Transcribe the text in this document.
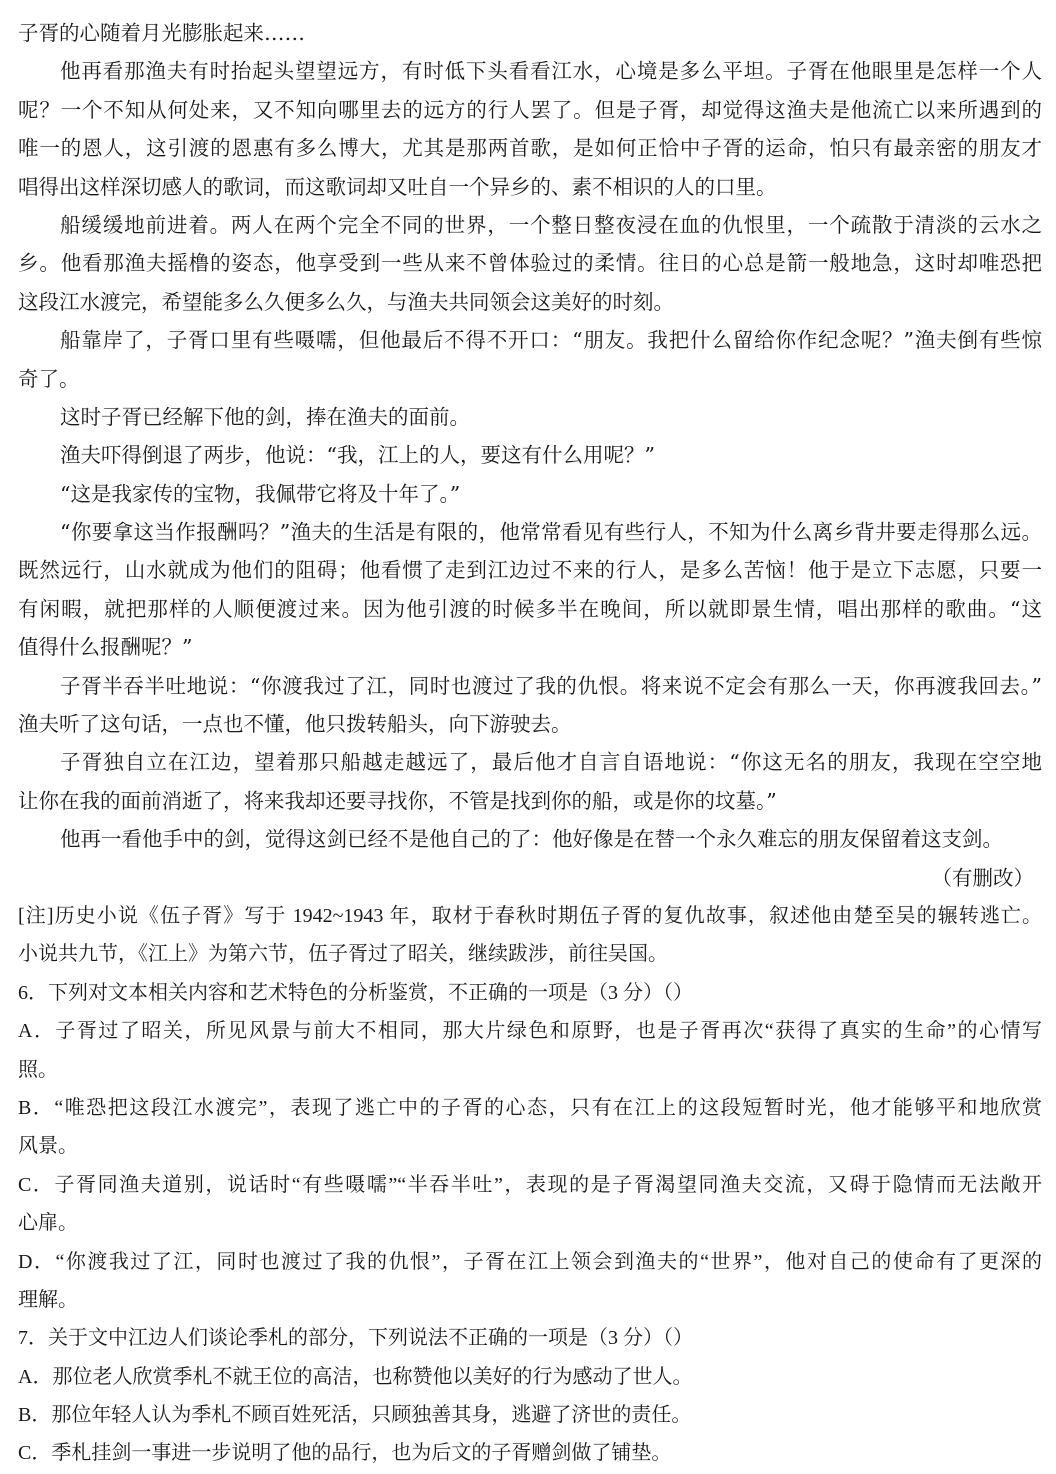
子胥的心随着月光膨胀起来……
他再看那渔夫有时抬起头望望远方，有时低下头看看江水，心境是多么平坦。子胥在他眼里是怎样一个人
呢？一个不知从何处来，又不知向哪里去的远方的行人罢了。但是子胥，却觉得这渔夫是他流亡以来所遇到的
唯一的恩人，这引渡的恩惠有多么博大，尤其是那两首歌，是如何正恰中子胥的运命，怕只有最亲密的朋友才
唱得出这样深切感人的歌词，而这歌词却又吐自一个异乡的、素不相识的人的口里。
船缓缓地前进着。两人在两个完全不同的世界，一个整日整夜浸在血的仇恨里，一个疏散于清淡的云水之
乡。他看那渔夫摇橹的姿态，他享受到一些从来不曾体验过的柔情。往日的心总是箭一般地急，这时却唯恐把
这段江水渡完，希望能多么久便多么久，与渔夫共同领会这美好的时刻。
船靠岸了，子胥口里有些嗫嚅，但他最后不得不开口：“朋友。我把什么留给你作纪念呢？”渔夫倒有些惊
奇了。
这时子胥已经解下他的剑，捧在渔夫的面前。
渔夫吓得倒退了两步，他说：“我，江上的人，要这有什么用呢？”
“这是我家传的宝物，我佩带它将及十年了。”
“你要拿这当作报酬吗？”渔夫的生活是有限的，他常常看见有些行人，不知为什么离乡背井要走得那么远。
既然远行，山水就成为他们的阻碍；他看惯了走到江边过不来的行人，是多么苦恼！他于是立下志愿，只要一
有闲暇，就把那样的人顺便渡过来。因为他引渡的时候多半在晚间，所以就即景生情，唱出那样的歌曲。“这
值得什么报酬呢？”
子胥半吞半吐地说：“你渡我过了江，同时也渡过了我的仇恨。将来说不定会有那么一天，你再渡我回去。”
渔夫听了这句话，一点也不懂，他只拨转船头，向下游驶去。
子胥独自立在江边，望着那只船越走越远了，最后他才自言自语地说：“你这无名的朋友，我现在空空地
让你在我的面前消逝了，将来我却还要寻找你，不管是找到你的船，或是你的坟墓。”
他再一看他手中的剑，觉得这剑已经不是他自己的了：他好像是在替一个永久难忘的朋友保留着这支剑。
（有删改）
[注]历史小说《伍子胥》写于 1942~1943 年，取材于春秋时期伍子胥的复仇故事，叙述他由楚至吴的辗转逃亡。
小说共九节，《江上》为第六节，伍子胥过了昭关，继续跋涉，前往吴国。
6．下列对文本相关内容和艺术特色的分析鉴赏，不正确的一项是（3 分）（）
A．子胥过了昭关，所见风景与前大不相同，那大片绿色和原野，也是子胥再次“获得了真实的生命”的心情写
照。
B．“唯恐把这段江水渡完”，表现了逃亡中的子胥的心态，只有在江上的这段短暂时光，他才能够平和地欣赏
风景。
C．子胥同渔夫道别，说话时“有些嗫嚅”“半吞半吐”，表现的是子胥渴望同渔夫交流，又碍于隐情而无法敞开
心扉。
D．“你渡我过了江，同时也渡过了我的仇恨”，子胥在江上领会到渔夫的“世界”，他对自己的使命有了更深的
理解。
7．关于文中江边人们谈论季札的部分，下列说法不正确的一项是（3 分）（）
A．那位老人欣赏季札不就王位的高洁，也称赞他以美好的行为感动了世人。
B．那位年轻人认为季札不顾百姓死活，只顾独善其身，逃避了济世的责任。
C．季札挂剑一事进一步说明了他的品行，也为后文的子胥赠剑做了铺垫。
